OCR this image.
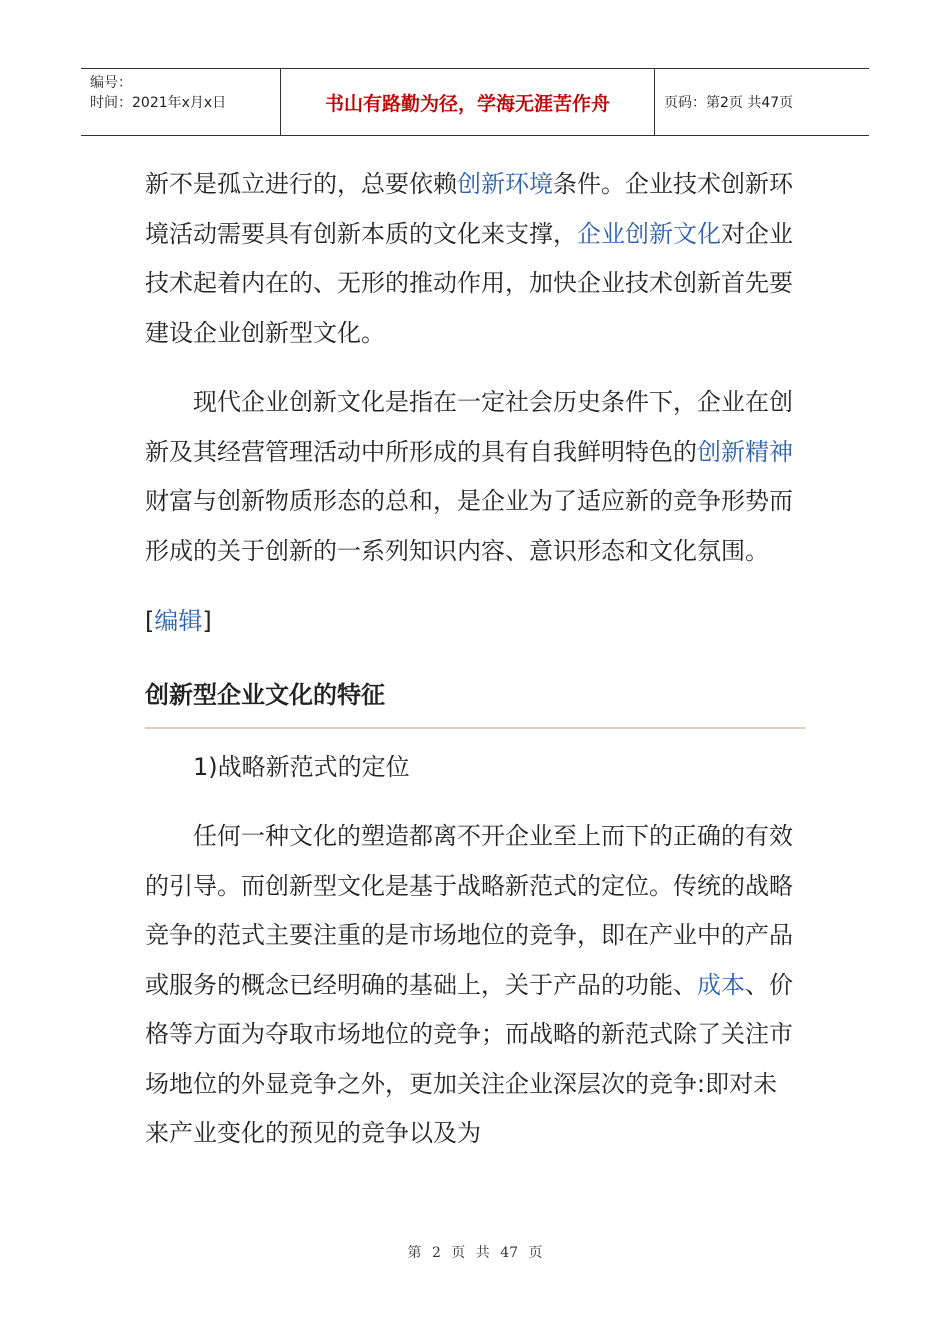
编号：
时间：2021年x月x日	书山有路勤为径，学海无涯苦作舟	页码：第2页 共47页

新不是孤立进行的，总要依赖创新环境条件。企业技术创新环境活动需要具有创新本质的文化来支撑，企业创新文化对企业技术起着内在的、无形的推动作用，加快企业技术创新首先要建设企业创新型文化。

现代企业创新文化是指在一定社会历史条件下，企业在创新及其经营管理活动中所形成的具有自我鲜明特色的创新精神财富与创新物质形态的总和，是企业为了适应新的竞争形势而形成的关于创新的一系列知识内容、意识形态和文化氛围。

[编辑]

创新型企业文化的特征

1)战略新范式的定位

任何一种文化的塑造都离不开企业至上而下的正确的有效的引导。而创新型文化是基于战略新范式的定位。传统的战略竞争的范式主要注重的是市场地位的竞争，即在产业中的产品或服务的概念已经明确的基础上，关于产品的功能、成本、价格等方面为夺取市场地位的竞争；而战略的新范式除了关注市场地位的外显竞争之外，更加关注企业深层次的竞争:即对未来产业变化的预见的竞争以及为

第 2 页 共 47 页
